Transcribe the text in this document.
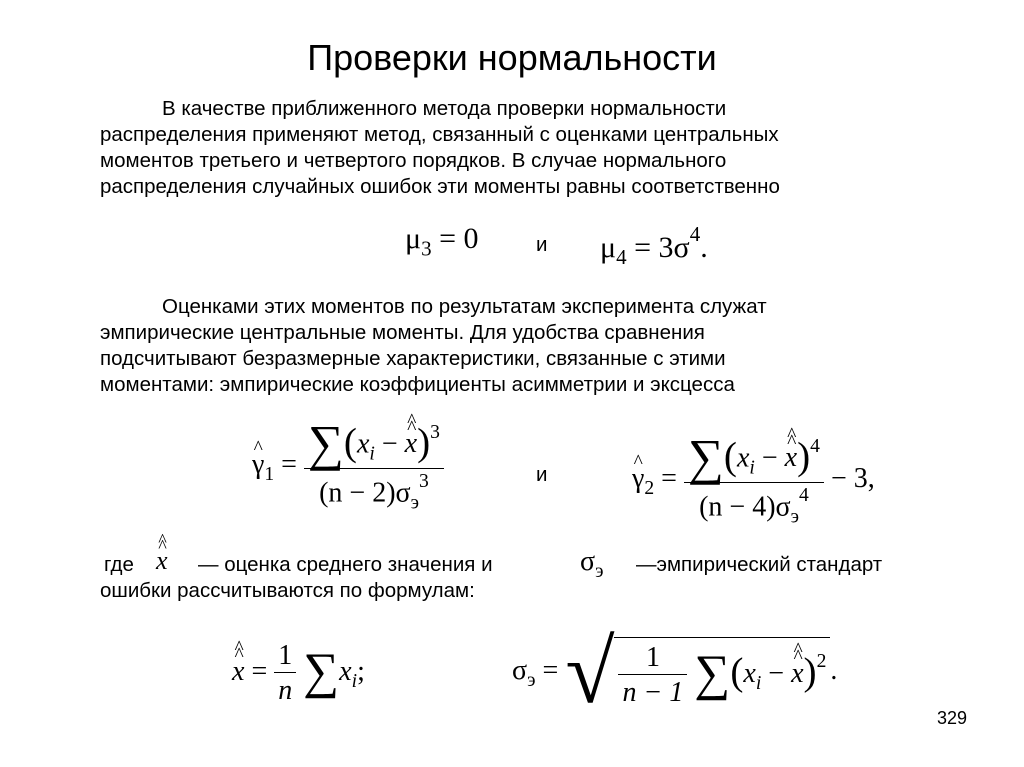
Проверки нормальности

В качестве приближенного метода проверки нормальности
распределения применяют метод, связанный с оценками центральных
моментов третьего и четвертого порядков. В случае нормального
распределения случайных ошибок эти моменты равны соответственно

$\mu_3 = 0$	и $\mu_4 = 3\sigma^4$.

Оценками этих моментов по результатам эксперимента служат
эмпирические центральные моменты. Для удобства сравнения
подсчитывают безразмерные характеристики, связанные с этими
моментами: эмпирические коэффициенты асимметрии и эксцесса

^ $\gamma_1 = \frac{\sum(x_i - \^{} x \^{})^3}{(n - 2)\sigma_э^3}$	и	^ $\gamma_2 = \frac{\sum(x_i - \^{} x \^{})^4}{(n - 4)\sigma_э^4} - 3$,
где ^ x ^ — оценка среднего значения и	$\sigma_э$ —эмпирический стандарт
ошибки рассчитываются по формулам:
^ x ^ = $\frac{1}{n} \sum x_i$;	$\sigma_э$ = √ $\frac{1}{n - 1} \sum(x_i$ − ^ x ^)$^2$ .
329
